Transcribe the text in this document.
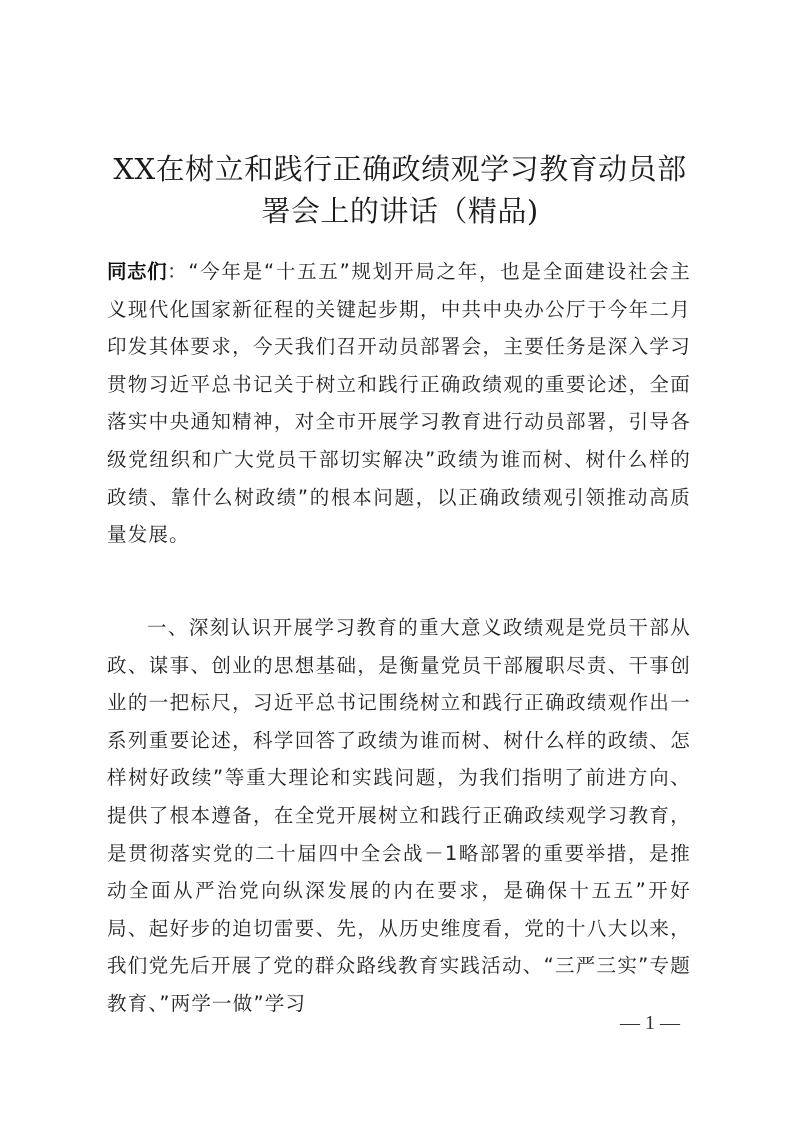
XX在树立和践行正确政绩观学习教育动员部
署会上的讲话（精品)
同志们：“今年是“十五五”规划开局之年，也是全面建设社会主义现代化国家新征程的关键起步期，中共中央办公厅于今年二月印发其体要求，今天我们召开动员部署会，主要任务是深入学习贯物习近平总书记关于树立和践行正确政绩观的重要论述，全面落实中央通知精神，对全市开展学习教育进行动员部署，引导各级党纽织和广大党员干部切实解决”政绩为谁而树、树什么样的政绩、靠什么树政绩”的根本问题，以正确政绩观引领推动高质量发展。
一、深刻认识开展学习教育的重大意义政绩观是党员干部从政、谋事、创业的思想基础，是衡量党员干部履职尽责、干事创业的一把标尺，习近平总书记围绕树立和践行正确政绩观作出一系列重要论述，科学回答了政绩为谁而树、树什么样的政绩、怎样树好政续”等重大理论和实践问题，为我们指明了前进方向、提供了根本遵备，在全党开展树立和践行正确政续观学习教育，是贯彻落实党的二十届四中全会战－1略部署的重要举措，是推动全面从严治党向纵深发展的内在要求，是确保十五五”开好局、起好步的迫切雷要、先，从历史维度看，党的十八大以来，我们党先后开展了党的群众路线教育实践活动、“三严三实”专题教育、”两学一做”学习
— 1 —
